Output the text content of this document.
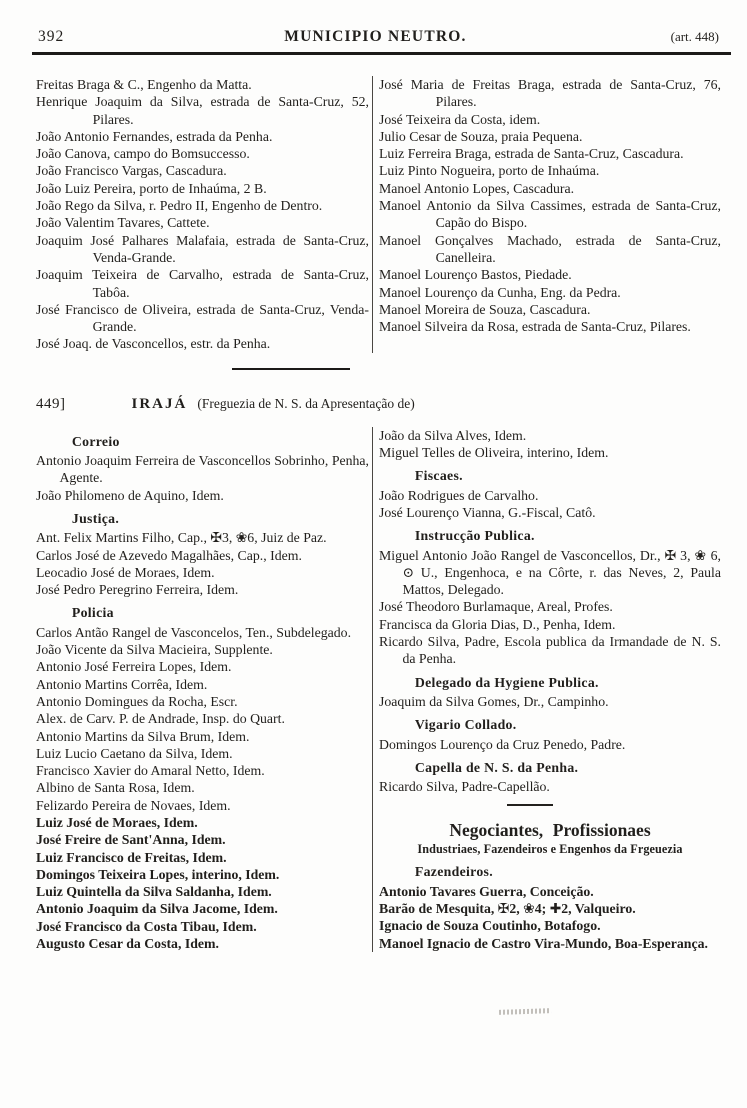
392	MUNICIPIO NEUTRO.	(art. 448)

Freitas Braga & C., Engenho da Matta.

Henrique Joaquim da Silva, estrada de Santa-Cruz, 52, Pilares.

João Antonio Fernandes, estrada da Penha.

João Canova, campo do Bomsuccesso.

João Francisco Vargas, Cascadura.

João Luiz Pereira, porto de Inhaúma, 2 B.

João Rego da Silva, r. Pedro II, Engenho de Dentro.

João Valentim Tavares, Cattete.

Joaquim José Palhares Malafaia, estrada de Santa-Cruz, Venda-Grande.

Joaquim Teixeira de Carvalho, estrada de Santa-Cruz, Tabôa.

José Francisco de Oliveira, estrada de Santa-Cruz, Venda-Grande.

José Joaq. de Vasconcellos, estr. da Penha.

José Maria de Freitas Braga, estrada de Santa-Cruz, 76, Pilares.

José Teixeira da Costa, idem.

Julio Cesar de Souza, praia Pequena.

Luiz Ferreira Braga, estrada de Santa-Cruz, Cascadura.

Luiz Pinto Nogueira, porto de Inhaúma.

Manoel Antonio Lopes, Cascadura.

Manoel Antonio da Silva Cassimes, estrada de Santa-Cruz, Capão do Bispo.

Manoel Gonçalves Machado, estrada de Santa-Cruz, Canelleira.

Manoel Lourenço Bastos, Piedade.

Manoel Lourenço da Cunha, Eng. da Pedra.

Manoel Moreira de Souza, Cascadura.

Manoel Silveira da Rosa, estrada de Santa-Cruz, Pilares.

449]	IRAJÁ (Freguezia de N. S. da Apresentação de)

Correio

Antonio Joaquim Ferreira de Vasconcellos Sobrinho, Penha, Agente.

João Philomeno de Aquino, Idem.

Justiça.

Ant. Felix Martins Filho, Cap., ✠3, ❀6, Juiz de Paz.

Carlos José de Azevedo Magalhães, Cap., Idem.

Leocadio José de Moraes, Idem.

José Pedro Peregrino Ferreira, Idem.

Policia

Carlos Antão Rangel de Vasconcelos, Ten., Subdelegado.

João Vicente da Silva Macieira, Supplente.

Antonio José Ferreira Lopes, Idem.

Antonio Martins Corrêa, Idem.

Antonio Domingues da Rocha, Escr.

Alex. de Carv. P. de Andrade, Insp. do Quart.

Antonio Martins da Silva Brum, Idem.

Luiz Lucio Caetano da Silva, Idem.

Francisco Xavier do Amaral Netto, Idem.

Albino de Santa Rosa, Idem.

Felizardo Pereira de Novaes, Idem.

Luiz José de Moraes, Idem.

José Freire de Sant'Anna, Idem.

Luiz Francisco de Freitas, Idem.

Domingos Teixeira Lopes, interino, Idem.

Luiz Quintella da Silva Saldanha, Idem.

Antonio Joaquim da Silva Jacome, Idem.

José Francisco da Costa Tibau, Idem.

Augusto Cesar da Costa, Idem.

João da Silva Alves, Idem.

Miguel Telles de Oliveira, interino, Idem.

Fiscaes.

João Rodrigues de Carvalho.

José Lourenço Vianna, G.-Fiscal, Catô.

Instrucção Publica.

Miguel Antonio João Rangel de Vasconcellos, Dr., ✠ 3, ❀ 6, ⊙ U., Engenhoca, e na Côrte, r. das Neves, 2, Paula Mattos, Delegado.

José Theodoro Burlamaque, Areal, Profes.

Francisca da Gloria Dias, D., Penha, Idem.

Ricardo Silva, Padre, Escola publica da Irmandade de N. S. da Penha.

Delegado da Hygiene Publica.

Joaquim da Silva Gomes, Dr., Campinho.

Vigario Collado.

Domingos Lourenço da Cruz Penedo, Padre.

Capella de N. S. da Penha.

Ricardo Silva, Padre-Capellão.

Negociantes, Profissionaes

Industriaes, Fazendeiros e Engenhos da Frgeuezia

Fazendeiros.

Antonio Tavares Guerra, Conceição.

Barão de Mesquita, ✠2, ❀4; ✚2, Valqueiro.

Ignacio de Souza Coutinho, Botafogo.

Manoel Ignacio de Castro Vira-Mundo, Boa-Esperança.
